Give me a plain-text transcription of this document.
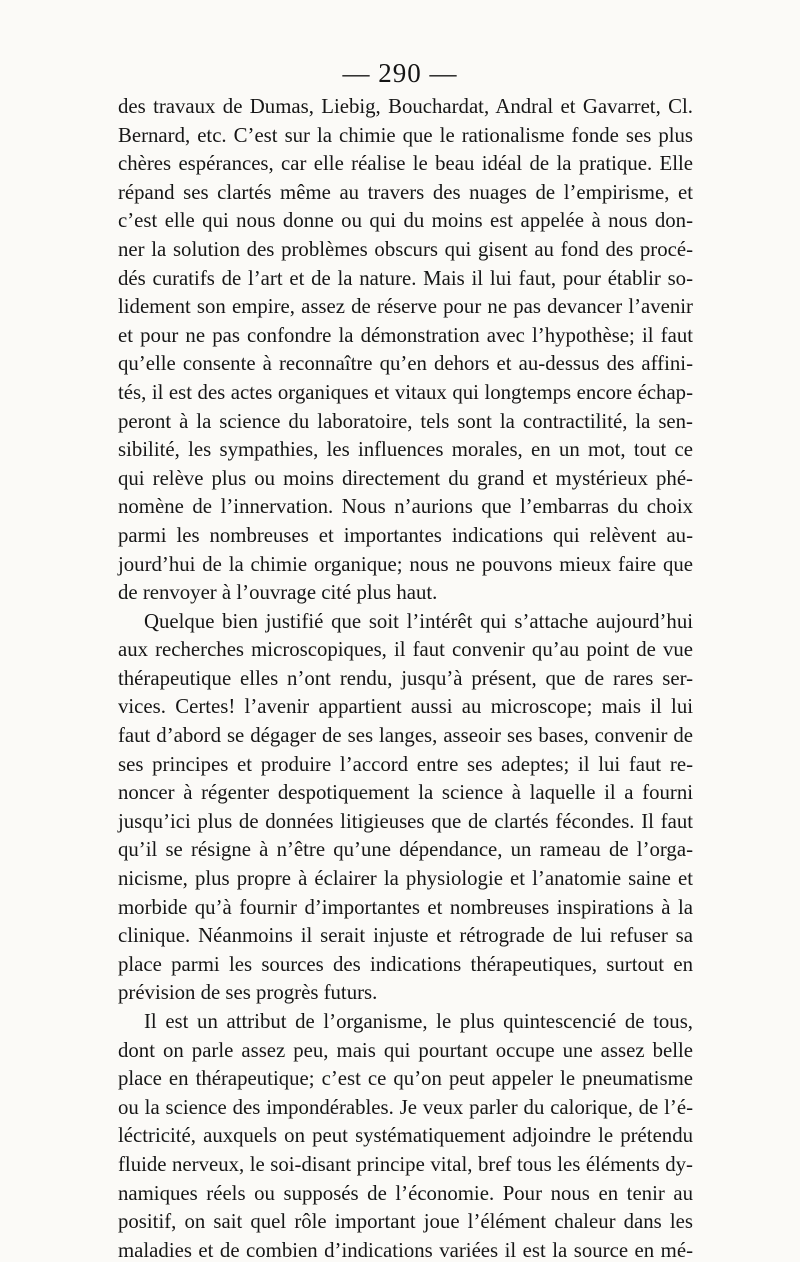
— 290 —
des travaux de Dumas, Liebig, Bouchardat, Andral et Gavarret, Cl.
Bernard, etc. C’est sur la chimie que le rationalisme fonde ses plus
chères espérances, car elle réalise le beau idéal de la pratique. Elle
répand ses clartés même au travers des nuages de l’empirisme, et
c’est elle qui nous donne ou qui du moins est appelée à nous don-
ner la solution des problèmes obscurs qui gisent au fond des procé-
dés curatifs de l’art et de la nature. Mais il lui faut, pour établir so-
lidement son empire, assez de réserve pour ne pas devancer l’avenir
et pour ne pas confondre la démonstration avec l’hypothèse; il faut
qu’elle consente à reconnaître qu’en dehors et au-dessus des affini-
tés, il est des actes organiques et vitaux qui longtemps encore échap-
peront à la science du laboratoire, tels sont la contractilité, la sen-
sibilité, les sympathies, les influences morales, en un mot, tout ce
qui relève plus ou moins directement du grand et mystérieux phé-
nomène de l’innervation. Nous n’aurions que l’embarras du choix
parmi les nombreuses et importantes indications qui relèvent au-
jourd’hui de la chimie organique; nous ne pouvons mieux faire que
de renvoyer à l’ouvrage cité plus haut.
Quelque bien justifié que soit l’intérêt qui s’attache aujourd’hui
aux recherches microscopiques, il faut convenir qu’au point de vue
thérapeutique elles n’ont rendu, jusqu’à présent, que de rares ser-
vices. Certes! l’avenir appartient aussi au microscope; mais il lui
faut d’abord se dégager de ses langes, asseoir ses bases, convenir de
ses principes et produire l’accord entre ses adeptes; il lui faut re-
noncer à régenter despotiquement la science à laquelle il a fourni
jusqu’ici plus de données litigieuses que de clartés fécondes. Il faut
qu’il se résigne à n’être qu’une dépendance, un rameau de l’orga-
nicisme, plus propre à éclairer la physiologie et l’anatomie saine et
morbide qu’à fournir d’importantes et nombreuses inspirations à la
clinique. Néanmoins il serait injuste et rétrograde de lui refuser sa
place parmi les sources des indications thérapeutiques, surtout en
prévision de ses progrès futurs.
Il est un attribut de l’organisme, le plus quintescencié de tous,
dont on parle assez peu, mais qui pourtant occupe une assez belle
place en thérapeutique; c’est ce qu’on peut appeler le pneumatisme
ou la science des impondérables. Je veux parler du calorique, de l’é-
léctricité, auxquels on peut systématiquement adjoindre le prétendu
fluide nerveux, le soi-disant principe vital, bref tous les éléments dy-
namiques réels ou supposés de l’économie. Pour nous en tenir au
positif, on sait quel rôle important joue l’élément chaleur dans les
maladies et de combien d’indications variées il est la source en mé-
